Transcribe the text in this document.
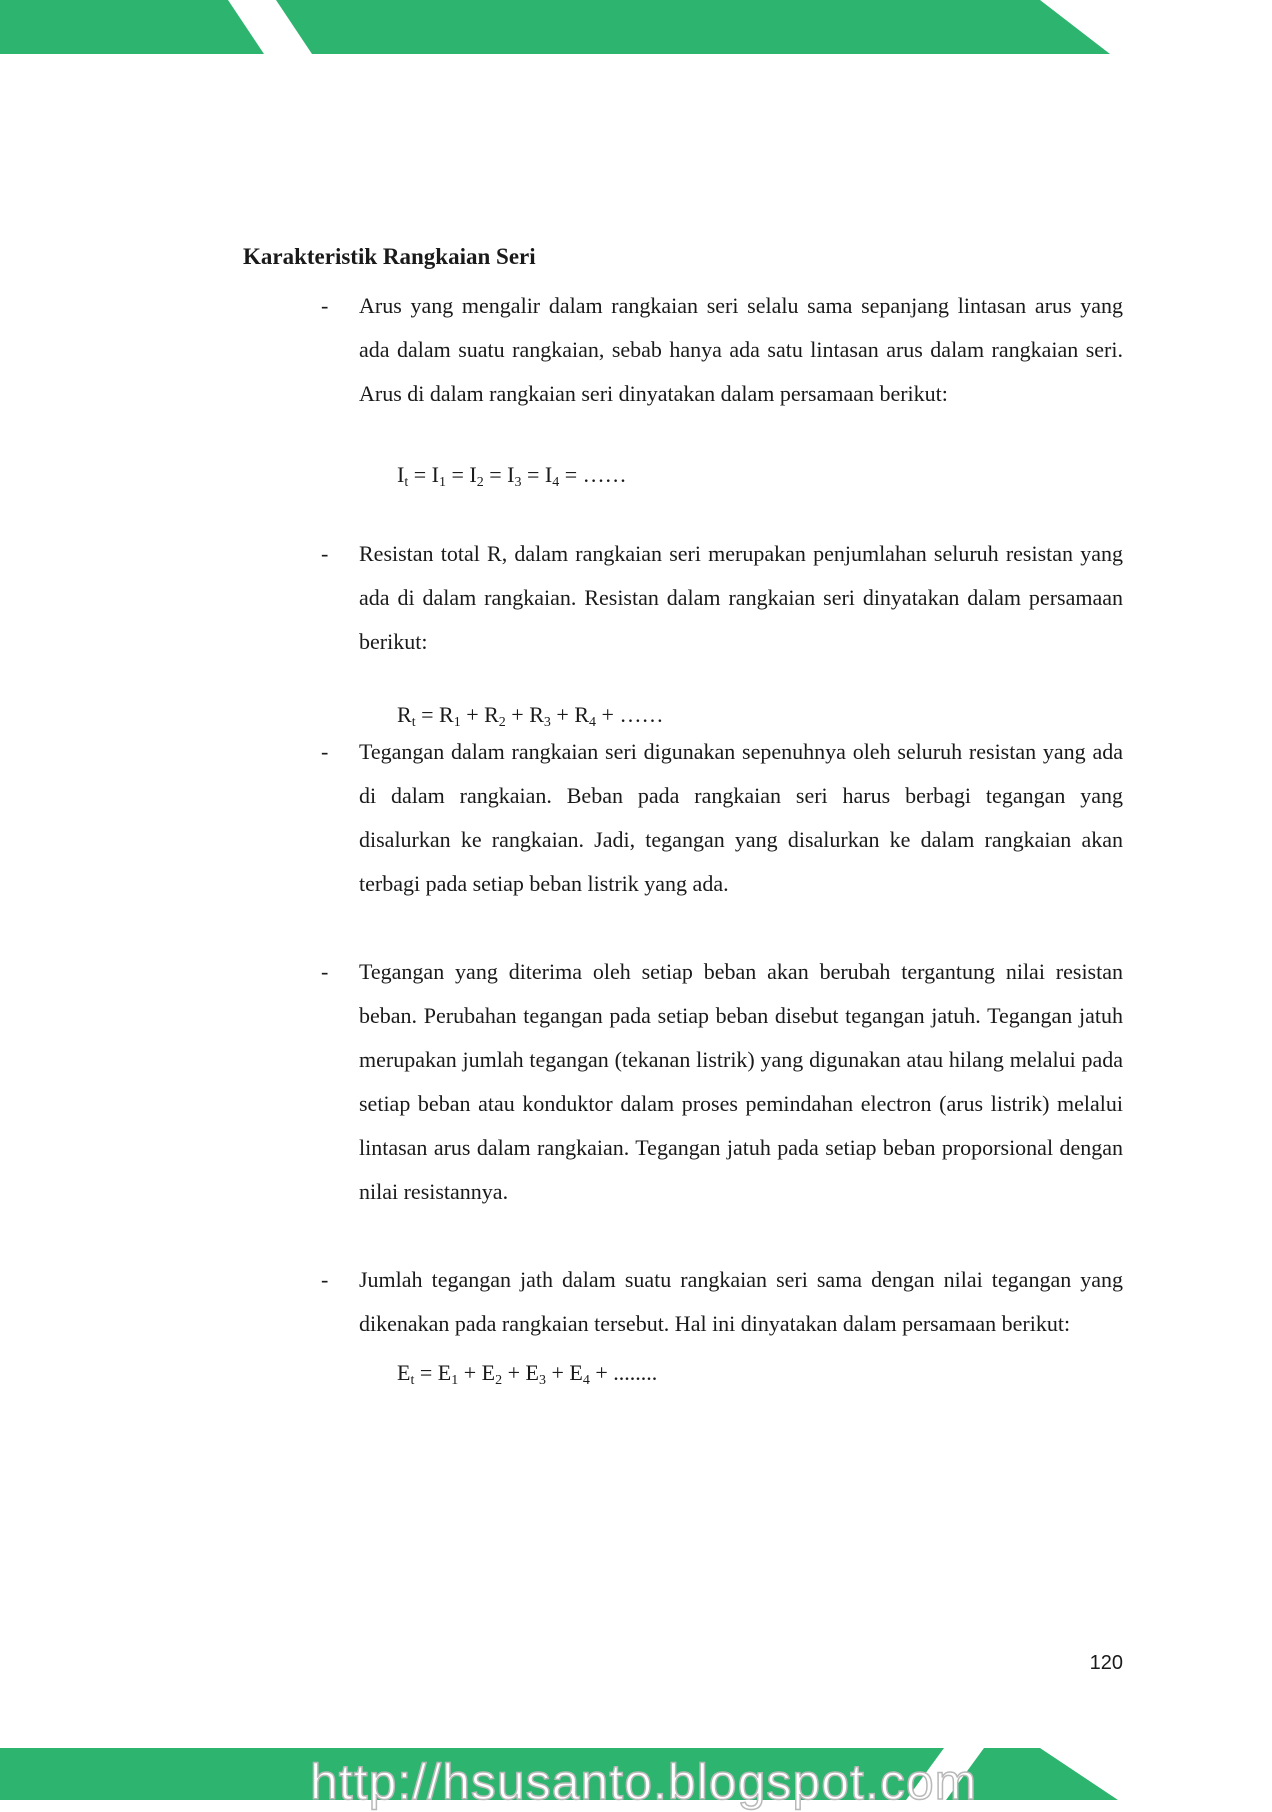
Karakteristik Rangkaian Seri
- Arus yang mengalir dalam rangkaian seri selalu sama sepanjang lintasan arus yang ada dalam suatu rangkaian, sebab hanya ada satu lintasan arus dalam rangkaian seri. Arus di dalam rangkaian seri dinyatakan dalam persamaan berikut:

$I_t = I_1 = I_2 = I_3 = I_4$ = ……
- Resistan total R, dalam rangkaian seri merupakan penjumlahan seluruh resistan yang ada di dalam rangkaian. Resistan dalam rangkaian seri dinyatakan dalam persamaan berikut:

$R_t = R_1 + R_2 + R_3 + R_4$ + ……
- Tegangan dalam rangkaian seri digunakan sepenuhnya oleh seluruh resistan yang ada di dalam rangkaian. Beban pada rangkaian seri harus berbagi tegangan yang disalurkan ke rangkaian. Jadi, tegangan yang disalurkan ke dalam rangkaian akan terbagi pada setiap beban listrik yang ada.

- Tegangan yang diterima oleh setiap beban akan berubah tergantung nilai resistan beban. Perubahan tegangan pada setiap beban disebut tegangan jatuh. Tegangan jatuh merupakan jumlah tegangan (tekanan listrik) yang digunakan atau hilang melalui pada setiap beban atau konduktor dalam proses pemindahan electron (arus listrik) melalui lintasan arus dalam rangkaian. Tegangan jatuh pada setiap beban proporsional dengan nilai resistannya.

- Jumlah tegangan jath dalam suatu rangkaian seri sama dengan nilai tegangan yang dikenakan pada rangkaian tersebut. Hal ini dinyatakan dalam persamaan berikut:

$E_t = E_1 + E_2 + E_3 + E_4$ + ........
120
http://hsusanto.blogspot.com
